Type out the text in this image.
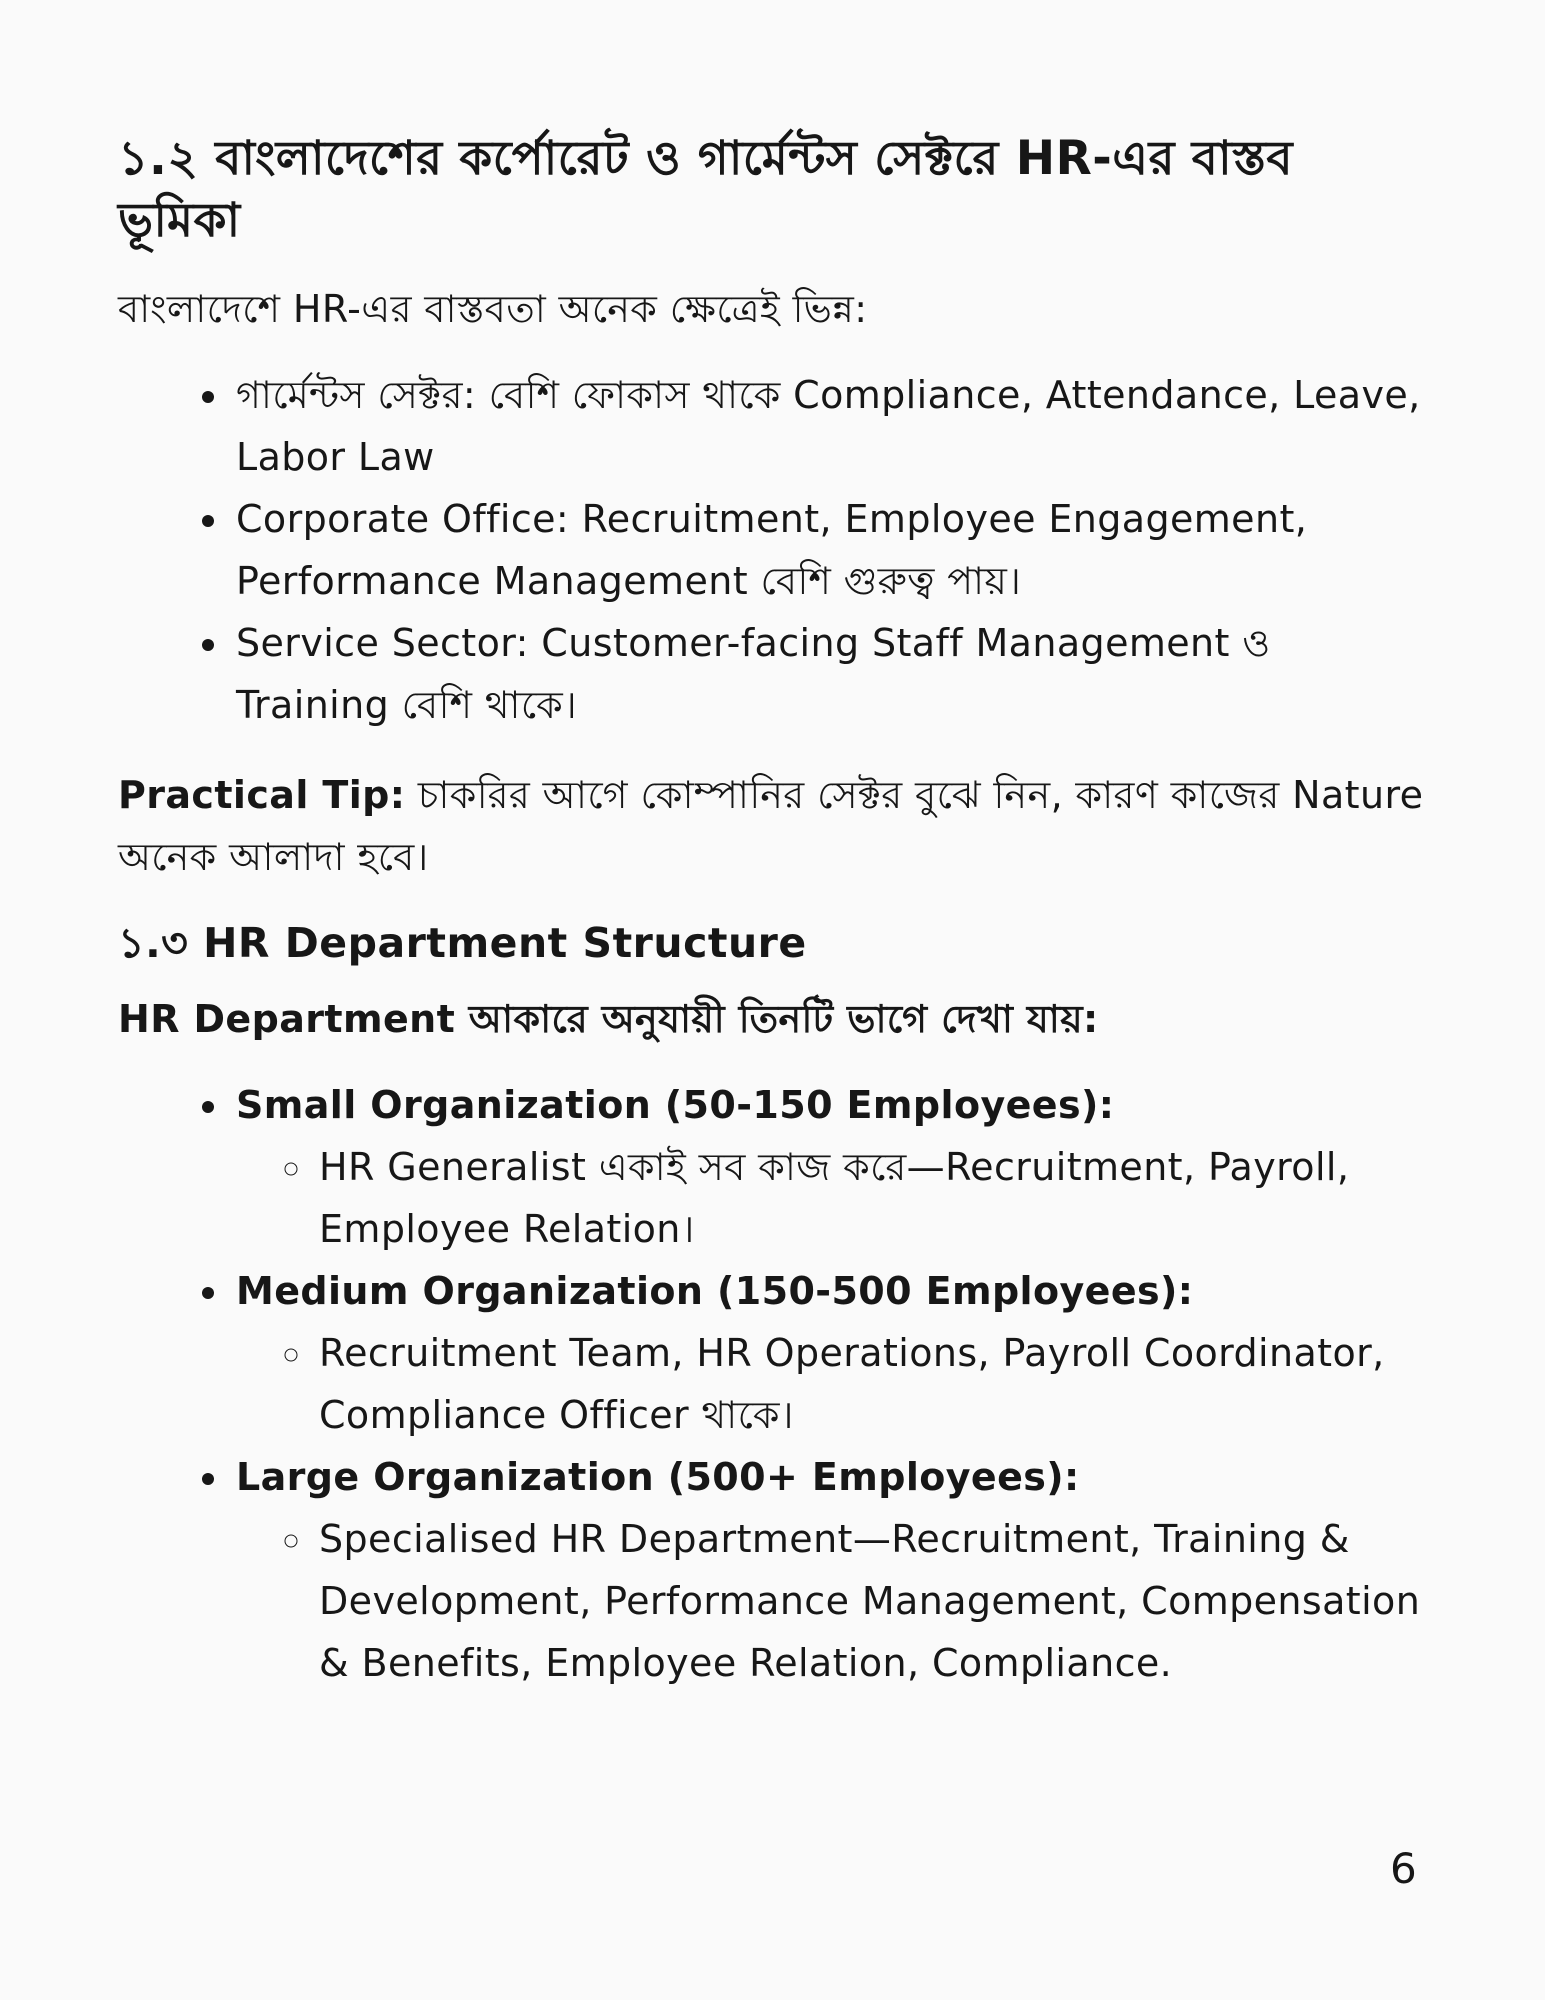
১.২ বাংলাদেশের কর্পোরেট ও গার্মেন্টস সেক্টরে HR-এর বাস্তব ভূমিকা

বাংলাদেশে HR-এর বাস্তবতা অনেক ক্ষেত্রেই ভিন্ন:

• গার্মেন্টস সেক্টর: বেশি ফোকাস থাকে Compliance, Attendance, Leave, Labor Law
• Corporate Office: Recruitment, Employee Engagement, Performance Management বেশি গুরুত্ব পায়।
• Service Sector: Customer-facing Staff Management ও Training বেশি থাকে।

Practical Tip: চাকরির আগে কোম্পানির সেক্টর বুঝে নিন, কারণ কাজের Nature অনেক আলাদা হবে।

১.৩ HR Department Structure

HR Department আকারে অনুযায়ী তিনটি ভাগে দেখা যায়:

• Small Organization (50-150 Employees):
◦ HR Generalist একাই সব কাজ করে—Recruitment, Payroll, Employee Relation।
• Medium Organization (150-500 Employees):
◦ Recruitment Team, HR Operations, Payroll Coordinator, Compliance Officer থাকে।
• Large Organization (500+ Employees):
◦ Specialised HR Department—Recruitment, Training & Development, Performance Management, Compensation & Benefits, Employee Relation, Compliance.
6
